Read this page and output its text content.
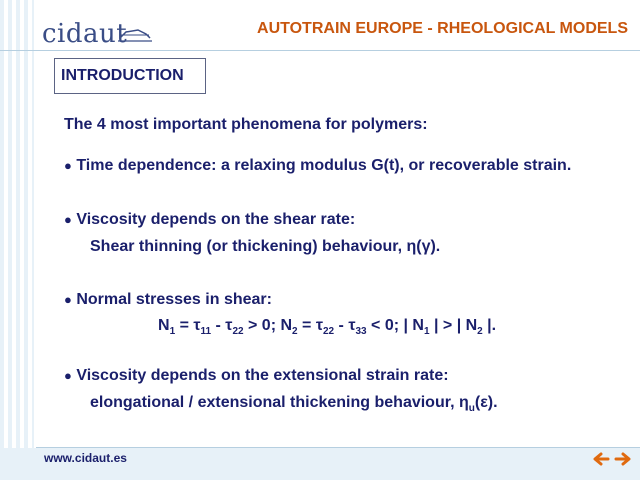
cidaut	AUTOTRAIN EUROPE - RHEOLOGICAL MODELS
INTRODUCTION
The 4 most important phenomena for polymers:
● Time dependence: a relaxing modulus G(t), or recoverable strain.
● Viscosity depends on the shear rate:
Shear thinning (or thickening) behaviour, η(γ).
● Normal stresses in shear:
$N_1 = \tau_{11} - \tau_{22} > 0$; $N_2 = \tau_{22} - \tau_{33} < 0$; | $N_1$ | > | $N_2$ |.
● Viscosity depends on the extensional strain rate:
elongational / extensional thickening behaviour, $\eta_u(\varepsilon)$.
www.cidaut.es
